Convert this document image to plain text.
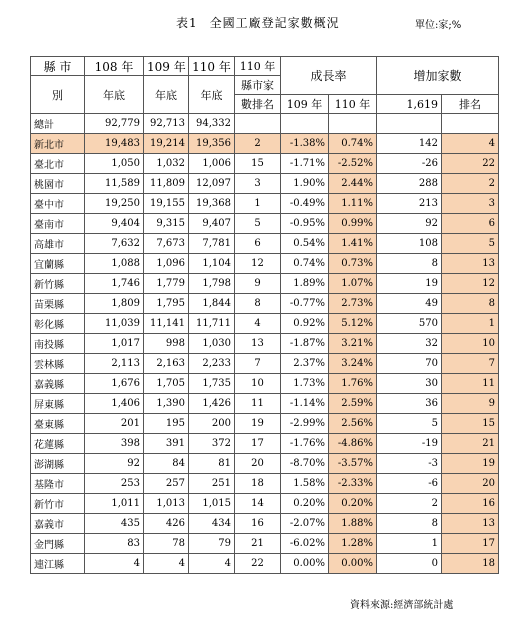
表1 全國工廠登記家數概況	單位:家;%
縣 市	108 年	109 年	110 年	110 年	成長率		增加家數	
別	年底	年底	年底	縣市家				
				數排名	109 年	110 年	1,619	排名
總計	92,779	92,713	94,332					
新北市	19,483	19,214	19,356	2	-1.38%	0.74%	142	4
臺北市	1,050	1,032	1,006	15	-1.71%	-2.52%	-26	22
桃園市	11,589	11,809	12,097	3	1.90%	2.44%	288	2
臺中市	19,250	19,155	19,368	1	-0.49%	1.11%	213	3
臺南市	9,404	9,315	9,407	5	-0.95%	0.99%	92	6
高雄市	7,632	7,673	7,781	6	0.54%	1.41%	108	5
宜蘭縣	1,088	1,096	1,104	12	0.74%	0.73%	8	13
新竹縣	1,746	1,779	1,798	9	1.89%	1.07%	19	12
苗栗縣	1,809	1,795	1,844	8	-0.77%	2.73%	49	8
彰化縣	11,039	11,141	11,711	4	0.92%	5.12%	570	1
南投縣	1,017	998	1,030	13	-1.87%	3.21%	32	10
雲林縣	2,113	2,163	2,233	7	2.37%	3.24%	70	7
嘉義縣	1,676	1,705	1,735	10	1.73%	1.76%	30	11
屏東縣	1,406	1,390	1,426	11	-1.14%	2.59%	36	9
臺東縣	201	195	200	19	-2.99%	2.56%	5	15
花蓮縣	398	391	372	17	-1.76%	-4.86%	-19	21
澎湖縣	92	84	81	20	-8.70%	-3.57%	-3	19
基隆市	253	257	251	18	1.58%	-2.33%	-6	20
新竹市	1,011	1,013	1,015	14	0.20%	0.20%	2	16
嘉義市	435	426	434	16	-2.07%	1.88%	8	13
金門縣	83	78	79	21	-6.02%	1.28%	1	17
連江縣	4	4	4	22	0.00%	0.00%	0	18
資料來源:經濟部統計處
